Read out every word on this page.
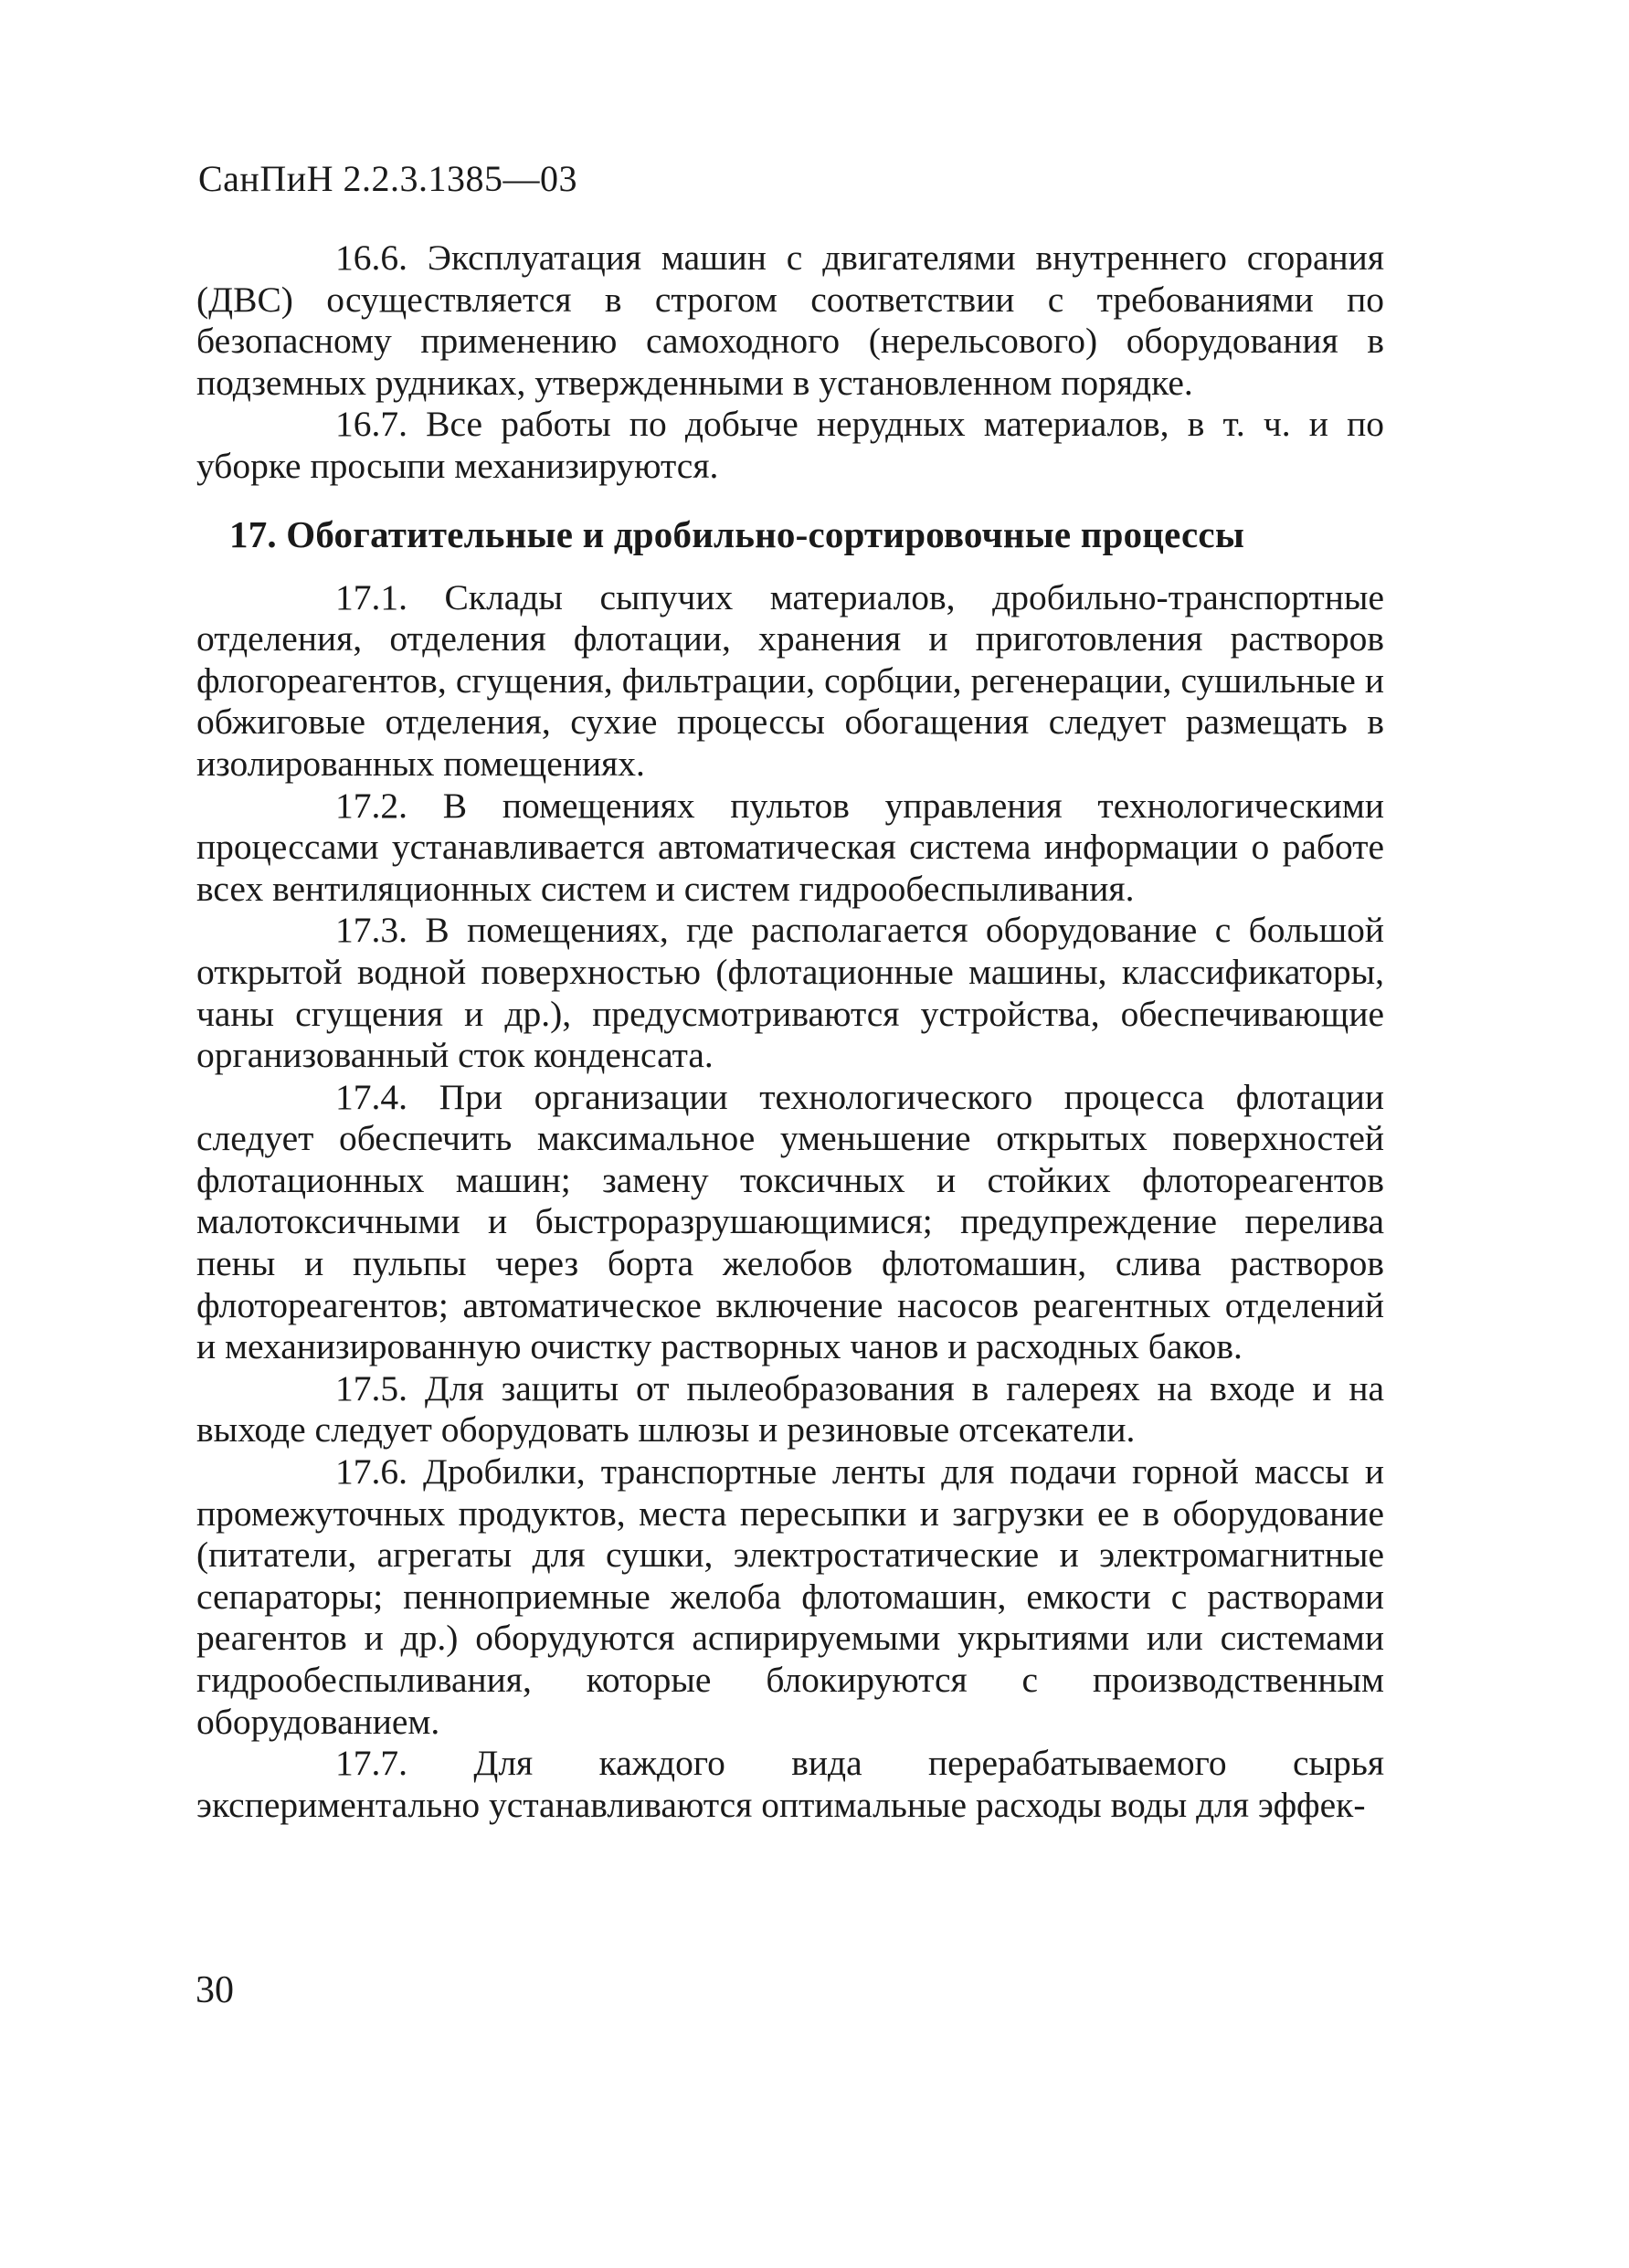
СанПиН 2.2.3.1385—03

16.6. Эксплуатация машин с двигателями внутреннего сгорания (ДВС) осуществляется в строгом соответствии с требованиями по безопасному применению самоходного (нерельсового) оборудования в подземных рудниках, утвержденными в установленном порядке.

16.7. Все работы по добыче нерудных материалов, в т. ч. и по уборке просыпи механизируются.

17. Обогатительные и дробильно-сортировочные процессы

17.1. Склады сыпучих материалов, дробильно-транспортные отделения, отделения флотации, хранения и приготовления растворов флогореагентов, сгущения, фильтрации, сорбции, регенерации, сушильные и обжиговые отделения, сухие процессы обогащения следует размещать в изолированных помещениях.

17.2. В помещениях пультов управления технологическими процессами устанавливается автоматическая система информации о работе всех вентиляционных систем и систем гидрообеспыливания.

17.3. В помещениях, где располагается оборудование с большой открытой водной поверхностью (флотационные машины, классификаторы, чаны сгущения и др.), предусмотриваются устройства, обеспечивающие организованный сток конденсата.

17.4. При организации технологического процесса флотации следует обеспечить максимальное уменьшение открытых поверхностей флотационных машин; замену токсичных и стойких флотореагентов малотоксичными и быстроразрушающимися; предупреждение перелива пены и пульпы через борта желобов флотомашин, слива растворов флотореагентов; автоматическое включение насосов реагентных отделений и механизированную очистку растворных чанов и расходных баков.

17.5. Для защиты от пылеобразования в галереях на входе и на выходе следует оборудовать шлюзы и резиновые отсекатели.

17.6. Дробилки, транспортные ленты для подачи горной массы и промежуточных продуктов, места пересыпки и загрузки ее в оборудование (питатели, агрегаты для сушки, электростатические и электромагнитные сепараторы; пенноприемные желоба флотомашин, емкости с растворами реагентов и др.) оборудуются аспирируемыми укрытиями или системами гидрообеспыливания, которые блокируются с производственным оборудованием.

17.7. Для каждого вида перерабатываемого сырья экспериментально устанавливаются оптимальные расходы воды для эффек-

30
